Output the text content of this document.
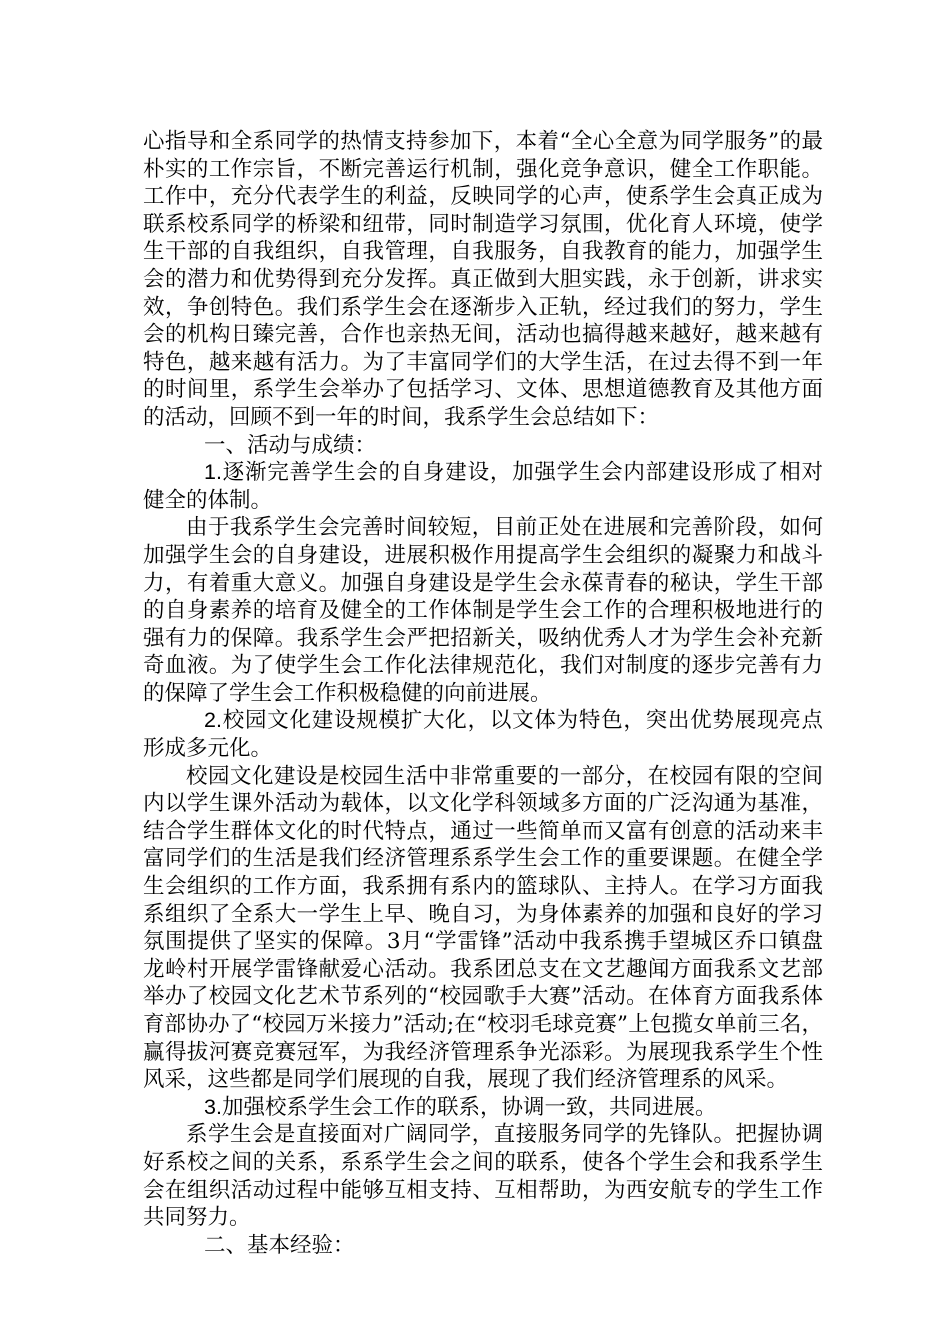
心指导和全系同学的热情支持参加下，本着“全心全意为同学服务”的最朴实的工作宗旨，不断完善运行机制，强化竞争意识，健全工作职能。工作中，充分代表学生的利益，反映同学的心声，使系学生会真正成为联系校系同学的桥梁和纽带，同时制造学习氛围，优化育人环境，使学生干部的自我组织，自我管理，自我服务，自我教育的能力，加强学生会的潜力和优势得到充分发挥。真正做到大胆实践，永于创新，讲求实效，争创特色。我们系学生会在逐渐步入正轨，经过我们的努力，学生会的机构日臻完善，合作也亲热无间，活动也搞得越来越好，越来越有特色，越来越有活力。为了丰富同学们的大学生活，在过去得不到一年的时间里，系学生会举办了包括学习、文体、思想道德教育及其他方面的活动，回顾不到一年的时间，我系学生会总结如下：

一、活动与成绩：

1.逐渐完善学生会的自身建设，加强学生会内部建设形成了相对健全的体制。

由于我系学生会完善时间较短，目前正处在进展和完善阶段，如何加强学生会的自身建设，进展积极作用提高学生会组织的凝聚力和战斗力，有着重大意义。加强自身建设是学生会永葆青春的秘诀，学生干部的自身素养的培育及健全的工作体制是学生会工作的合理积极地进行的强有力的保障。我系学生会严把招新关，吸纳优秀人才为学生会补充新奇血液。为了使学生会工作化法律规范化，我们对制度的逐步完善有力的保障了学生会工作积极稳健的向前进展。

2.校园文化建设规模扩大化，以文体为特色，突出优势展现亮点形成多元化。

校园文化建设是校园生活中非常重要的一部分，在校园有限的空间内以学生课外活动为载体，以文化学科领域多方面的广泛沟通为基准，结合学生群体文化的时代特点，通过一些简单而又富有创意的活动来丰富同学们的生活是我们经济管理系系学生会工作的重要课题。在健全学生会组织的工作方面，我系拥有系内的篮球队、主持人。在学习方面我系组织了全系大一学生上早、晚自习，为身体素养的加强和良好的学习氛围提供了坚实的保障。3月“学雷锋”活动中我系携手望城区乔口镇盘龙岭村开展学雷锋献爱心活动。我系团总支在文艺趣闻方面我系文艺部举办了校园文化艺术节系列的“校园歌手大赛”活动。在体育方面我系体育部协办了“校园万米接力”活动;在“校羽毛球竞赛”上包揽女单前三名，赢得拔河赛竞赛冠军，为我经济管理系争光添彩。为展现我系学生个性风采，这些都是同学们展现的自我，展现了我们经济管理系的风采。

3.加强校系学生会工作的联系，协调一致，共同进展。

系学生会是直接面对广阔同学，直接服务同学的先锋队。把握协调好系校之间的关系，系系学生会之间的联系，使各个学生会和我系学生会在组织活动过程中能够互相支持、互相帮助，为西安航专的学生工作共同努力。

二、基本经验：
